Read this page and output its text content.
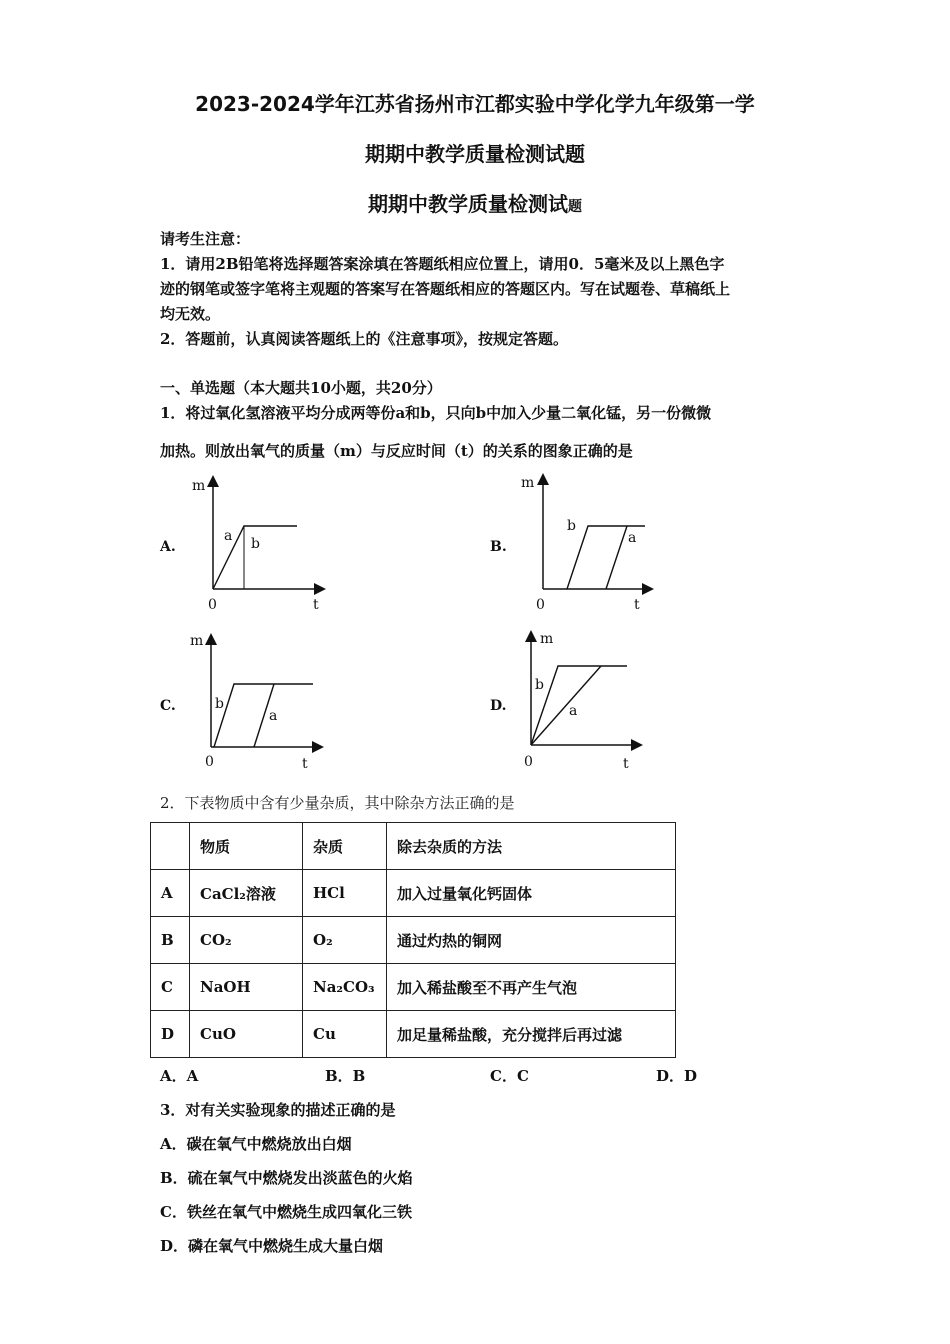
2023-2024学年江苏省扬州市江都实验中学化学九年级第一学
期期中教学质量检测试题
期期中教学质量检测试题
请考生注意：
1．请用2B铅笔将选择题答案涂填在答题纸相应位置上，请用0．5毫米及以上黑色字
迹的钢笔或签字笔将主观题的答案写在答题纸相应的答题区内。写在试题卷、草稿纸上
均无效。
2．答题前，认真阅读答题纸上的《注意事项》，按规定答题。
一、单选题（本大题共10小题，共20分）
1．将过氧化氢溶液平均分成两等份a和b，只向b中加入少量二氧化锰，另一份微微
加热。则放出氧气的质量（m）与反应时间（t）的关系的图象正确的是
A.
m
t
0
a b	B.
m
t
0
b
a
C.
m
t
0
b
a
D.
m
t
0
b
a
2．下表物质中含有少量杂质，其中除杂方法正确的是
	物质	杂质	除去杂质的方法
A	CaCl₂溶液	HCl	加入过量氧化钙固体
B	CO₂	O₂	通过灼热的铜网
C	NaOH	Na₂CO₃	加入稀盐酸至不再产生气泡
D	CuO	Cu	加足量稀盐酸，充分搅拌后再过滤
A．A	B．B	C．C	D．D
3．对有关实验现象的描述正确的是
A．碳在氧气中燃烧放出白烟
B．硫在氧气中燃烧发出淡蓝色的火焰
C．铁丝在氧气中燃烧生成四氧化三铁
D．磷在氧气中燃烧生成大量白烟
